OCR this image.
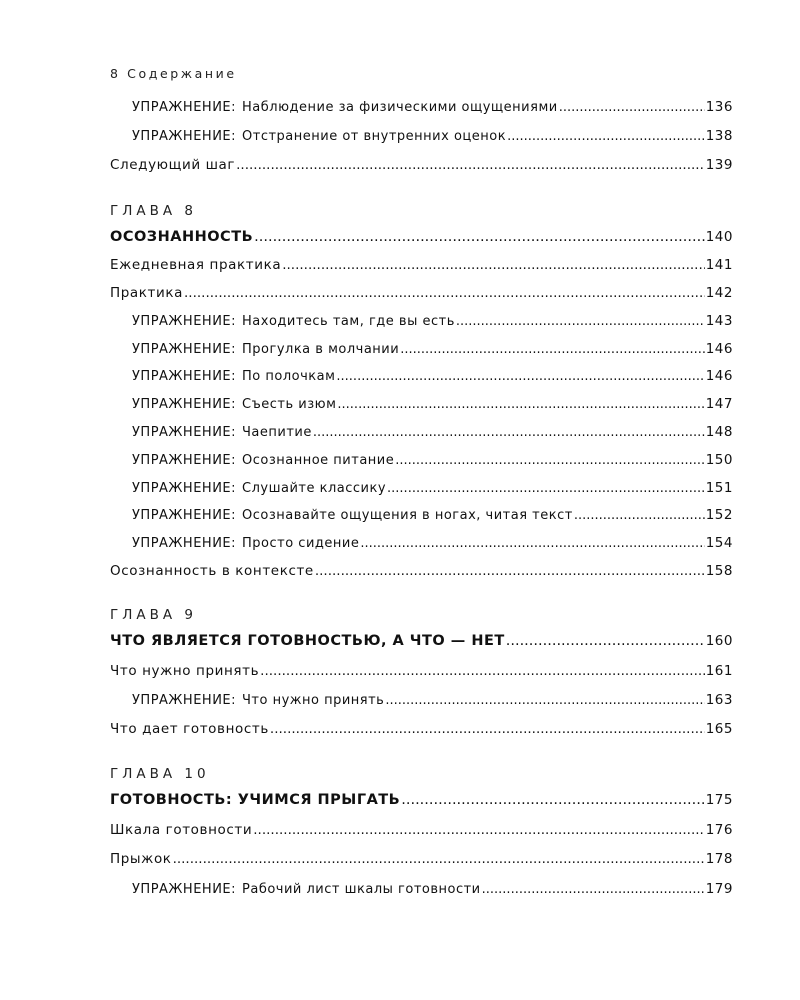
8 Содержание
УПРАЖНЕНИЕ: Наблюдение за физическими ощущениями .....	136
УПРАЖНЕНИЕ: Отстранение от внутренних оценок .....	138
Следующий шаг .....	139
ГЛАВА 8
ОСОЗНАННОСТЬ .....	140
Ежедневная практика .....	141
Практика .....	142
УПРАЖНЕНИЕ: Находитесь там, где вы есть .....	143
УПРАЖНЕНИЕ: Прогулка в молчании .....	146
УПРАЖНЕНИЕ: По полочкам .....	146
УПРАЖНЕНИЕ: Съесть изюм .....	147
УПРАЖНЕНИЕ: Чаепитие .....	148
УПРАЖНЕНИЕ: Осознанное питание .....	150
УПРАЖНЕНИЕ: Слушайте классику .....	151
УПРАЖНЕНИЕ: Осознавайте ощущения в ногах, читая текст .....	152
УПРАЖНЕНИЕ: Просто сидение .....	154
Осознанность в контексте .....	158
ГЛАВА 9
ЧТО ЯВЛЯЕТСЯ ГОТОВНОСТЬЮ, А ЧТО — НЕТ .....	160
Что нужно принять .....	161
УПРАЖНЕНИЕ: Что нужно принять .....	163
Что дает готовность .....	165
ГЛАВА 10
ГОТОВНОСТЬ: УЧИМСЯ ПРЫГАТЬ .....	175
Шкала готовности .....	176
Прыжок .....	178
УПРАЖНЕНИЕ: Рабочий лист шкалы готовности .....	179
